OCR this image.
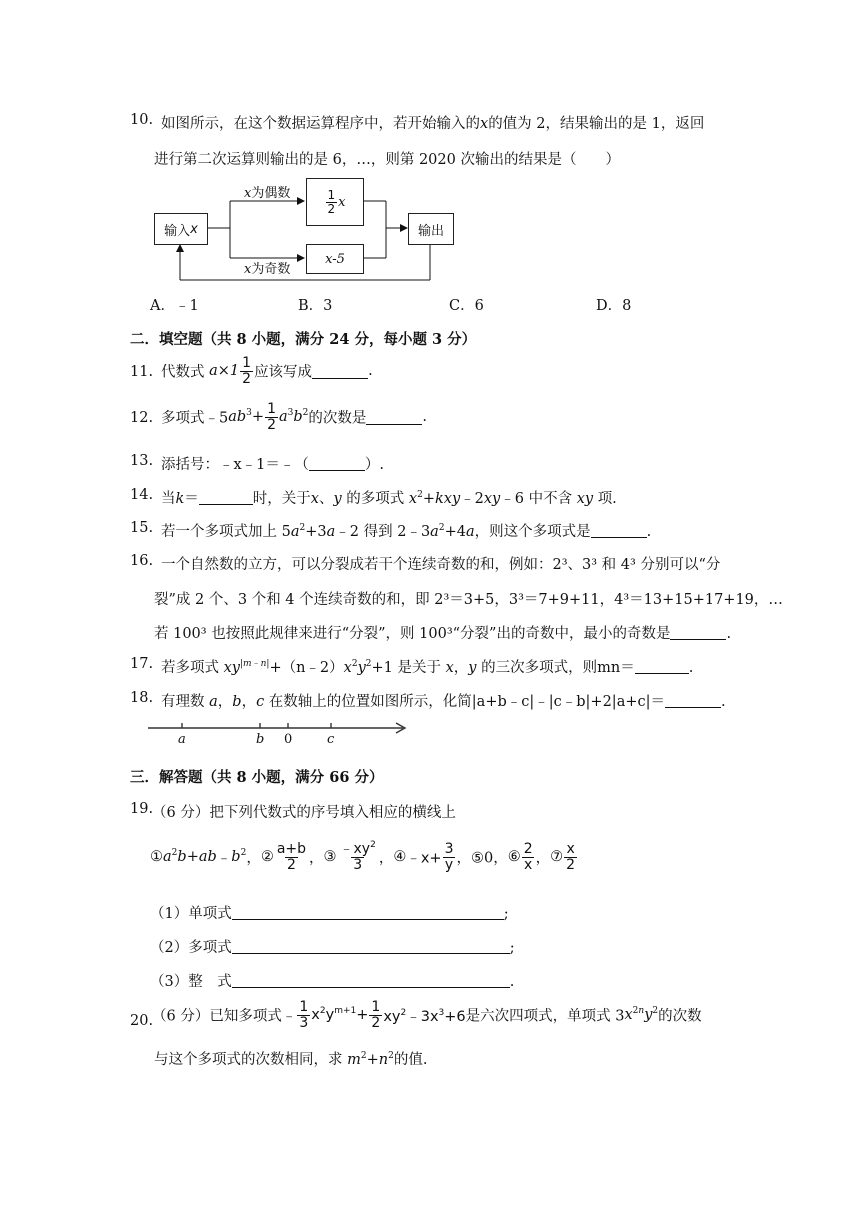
10. 如图所示，在这个数据运算程序中，若开始输入的x的值为 2，结果输出的是 1，返回
进行第二次运算则输出的是 6，…，则第 2020 次输出的结果是（　　）
输入 x
$\frac{1}{2}$ x
x-5
输出
x为偶数
x为奇数
A．﹣1	B．3	C．6	D．8
二．填空题（共 8 小题，满分 24 分，每小题 3 分）
11. 代数式 $a\times 1 \frac{1}{2}$ 应该写成	.
12. 多项式$﹣5ab^3+ \frac{1}{2} a^3b^2$的次数是	.
13. 添括号：﹣x﹣1＝﹣（	）.
14. 当k＝	时，关于x、y 的多项式 $x^2+kxy﹣2xy﹣6$ 中不含 xy 项.
15. 若一个多项式加上 $5a^2+3a﹣2$ 得到 $2﹣3a^2+4a$，则这个多项式是	.
16. 一个自然数的立方，可以分裂成若干个连续奇数的和，例如：2³、3³ 和 4³ 分别可以“分
裂”成 2 个、3 个和 4 个连续奇数的和，即 2³＝3+5，3³＝7+9+11，4³＝13+15+17+19，…
若 100³ 也按照此规律来进行“分裂”，则 100³“分裂”出的奇数中，最小的奇数是	.
17. 若多项式 $xy^{|m﹣n|}+(n﹣2)x^2y^2+1$ 是关于 x，y 的三次多项式，则mn＝	.
18. 有理数 a，b，c 在数轴上的位置如图所示，化简|a+b﹣c|﹣|c﹣b|+2|a+c|＝	.
a	b 0	c
三．解答题（共 8 小题，满分 66 分）
19.
（6 分）把下列代数式的序号填入相应的横线上
$①a^2b+ab﹣b^2$，② $\frac{a+b}{2}$ ，③ $\frac{﹣xy^2}{3}$ ，④﹣x+ $\frac{3}{y}$ ，⑤0，⑥ $\frac{2}{x}$ ，⑦ $\frac{x}{2}$
（1）单项式	;
（2）多项式	;
（3）整　式	.
20.
（6 分）已知多项式﹣ $\frac{1}{3} x^2y^{m+1}+ \frac{1}{2}$ $xy^2﹣3x^3+6$是六次四项式，单项式 $3x^{2n}y^2$的次数
与这个多项式的次数相同，求 $m^2+n^2$的值.
